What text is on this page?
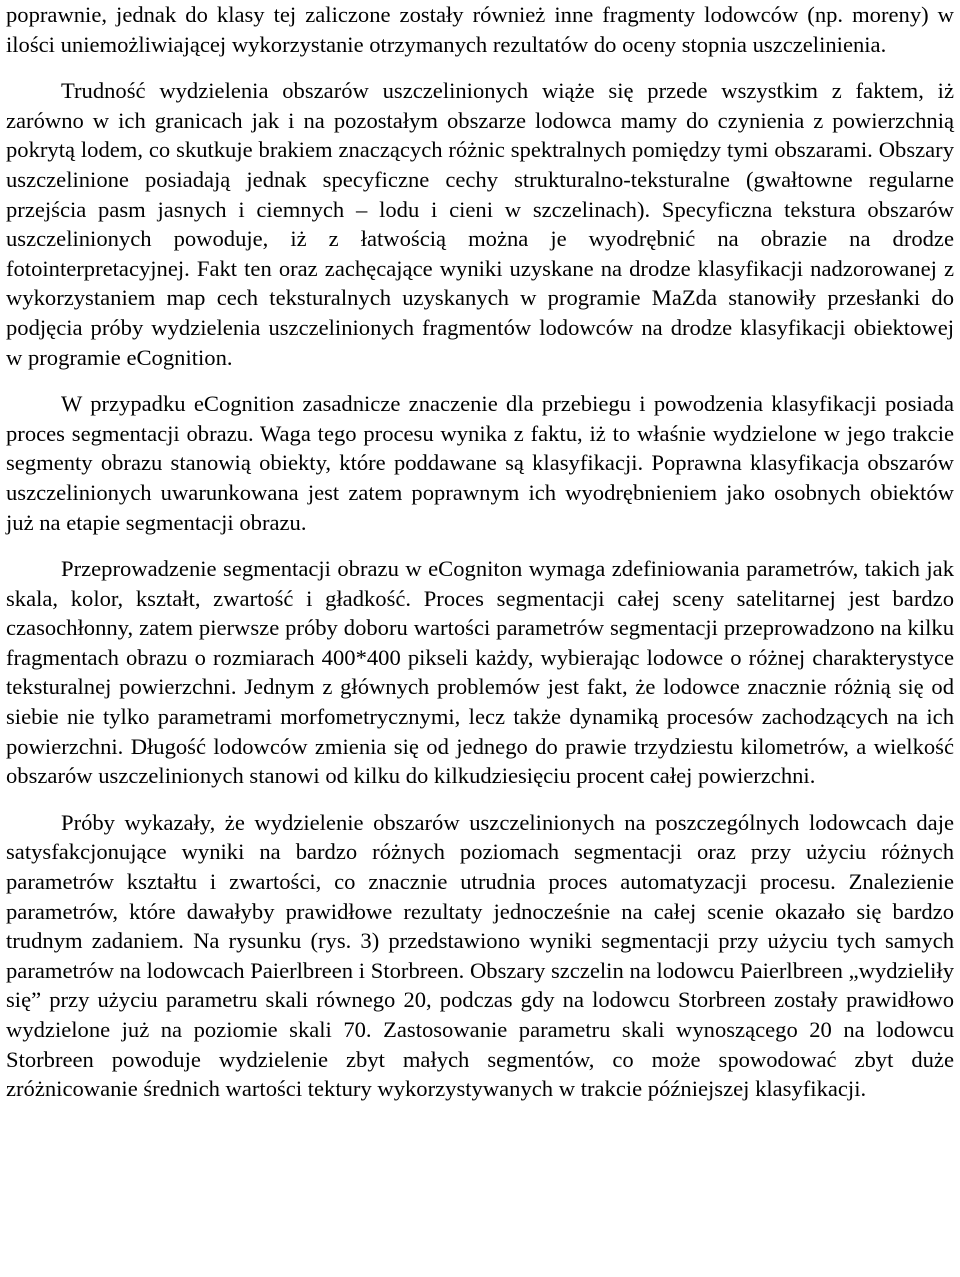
poprawnie, jednak do klasy tej zaliczone zostały również inne fragmenty lodowców (np. moreny) w ilości uniemożliwiającej wykorzystanie otrzymanych rezultatów do oceny stopnia uszczelinienia.

Trudność wydzielenia obszarów uszczelinionych wiąże się przede wszystkim z faktem, iż zarówno w ich granicach jak i na pozostałym obszarze lodowca mamy do czynienia z powierzchnią pokrytą lodem, co skutkuje brakiem znaczących różnic spektralnych pomiędzy tymi obszarami. Obszary uszczelinione posiadają jednak specyficzne cechy strukturalno-teksturalne (gwałtowne regularne przejścia pasm jasnych i ciemnych – lodu i cieni w szczelinach). Specyficzna tekstura obszarów uszczelinionych powoduje, iż z łatwością można je wyodrębnić na obrazie na drodze fotointerpretacyjnej. Fakt ten oraz zachęcające wyniki uzyskane na drodze klasyfikacji nadzorowanej z wykorzystaniem map cech teksturalnych uzyskanych w programie MaZda stanowiły przesłanki do podjęcia próby wydzielenia uszczelinionych fragmentów lodowców na drodze klasyfikacji obiektowej w programie eCognition.

W przypadku eCognition zasadnicze znaczenie dla przebiegu i powodzenia klasyfikacji posiada proces segmentacji obrazu. Waga tego procesu wynika z faktu, iż to właśnie wydzielone w jego trakcie segmenty obrazu stanowią obiekty, które poddawane są klasyfikacji. Poprawna klasyfikacja obszarów uszczelinionych uwarunkowana jest zatem poprawnym ich wyodrębnieniem jako osobnych obiektów już na etapie segmentacji obrazu.

Przeprowadzenie segmentacji obrazu w eCogniton wymaga zdefiniowania parametrów, takich jak skala, kolor, kształt, zwartość i gładkość. Proces segmentacji całej sceny satelitarnej jest bardzo czasochłonny, zatem pierwsze próby doboru wartości parametrów segmentacji przeprowadzono na kilku fragmentach obrazu o rozmiarach 400*400 pikseli każdy, wybierając lodowce o różnej charakterystyce teksturalnej powierzchni. Jednym z głównych problemów jest fakt, że lodowce znacznie różnią się od siebie nie tylko parametrami morfometrycznymi, lecz także dynamiką procesów zachodzących na ich powierzchni. Długość lodowców zmienia się od jednego do prawie trzydziestu kilometrów, a wielkość obszarów uszczelinionych stanowi od kilku do kilkudziesięciu procent całej powierzchni.

Próby wykazały, że wydzielenie obszarów uszczelinionych na poszczególnych lodowcach daje satysfakcjonujące wyniki na bardzo różnych poziomach segmentacji oraz przy użyciu różnych parametrów kształtu i zwartości, co znacznie utrudnia proces automatyzacji procesu. Znalezienie parametrów, które dawałyby prawidłowe rezultaty jednocześnie na całej scenie okazało się bardzo trudnym zadaniem. Na rysunku (rys. 3) przedstawiono wyniki segmentacji przy użyciu tych samych parametrów na lodowcach Paierlbreen i Storbreen. Obszary szczelin na lodowcu Paierlbreen „wydzieliły się” przy użyciu parametru skali równego 20, podczas gdy na lodowcu Storbreen zostały prawidłowo wydzielone już na poziomie skali 70. Zastosowanie parametru skali wynoszącego 20 na lodowcu Storbreen powoduje wydzielenie zbyt małych segmentów, co może spowodować zbyt duże zróżnicowanie średnich wartości tektury wykorzystywanych w trakcie późniejszej klasyfikacji.
